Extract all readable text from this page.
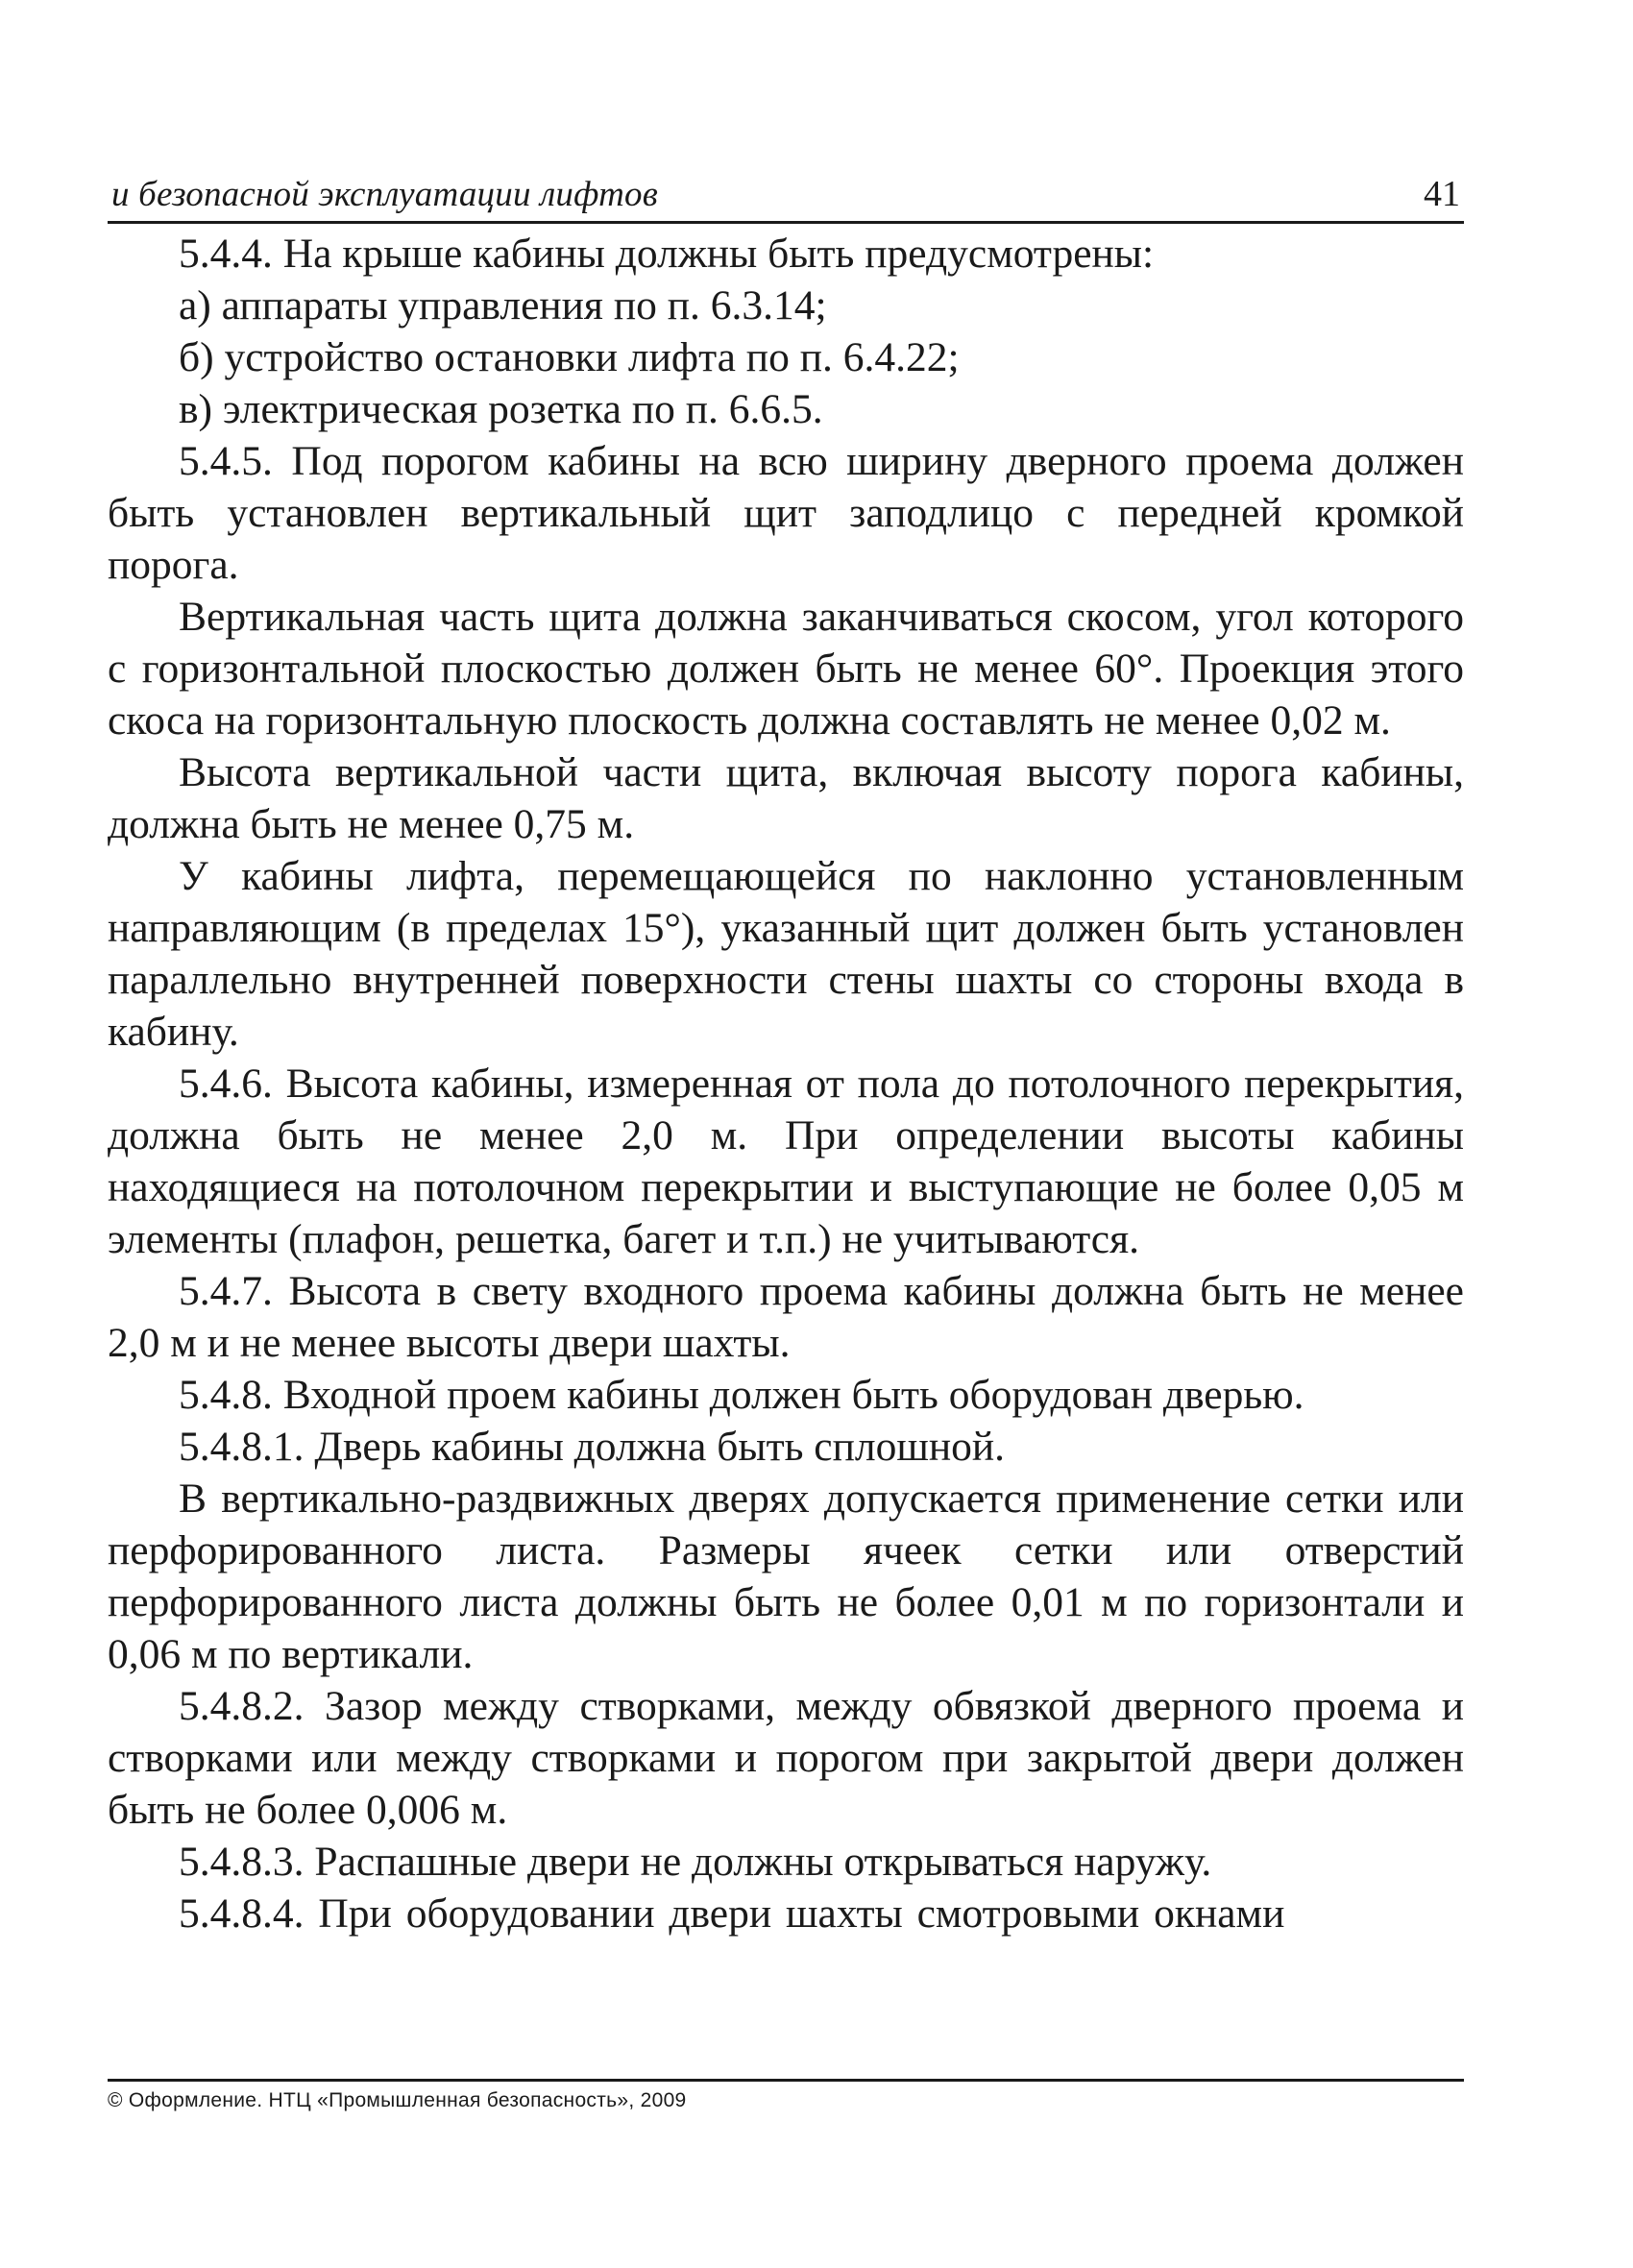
и безопасной эксплуатации лифтов	41

5.4.4. На крыше кабины должны быть предусмотрены:

а) аппараты управления по п. 6.3.14;

б) устройство остановки лифта по п. 6.4.22;

в) электрическая розетка по п. 6.6.5.

5.4.5. Под порогом кабины на всю ширину дверного проема должен быть установлен вертикальный щит заподлицо с передней кромкой порога.

Вертикальная часть щита должна заканчиваться скосом, угол которого с горизонтальной плоскостью должен быть не менее 60°. Проекция этого скоса на горизонтальную плоскость должна составлять не менее 0,02 м.

Высота вертикальной части щита, включая высоту порога кабины, должна быть не менее 0,75 м.

У кабины лифта, перемещающейся по наклонно установленным направляющим (в пределах 15°), указанный щит должен быть установлен параллельно внутренней поверхности стены шахты со стороны входа в кабину.

5.4.6. Высота кабины, измеренная от пола до потолочного перекрытия, должна быть не менее 2,0 м. При определении высоты кабины находящиеся на потолочном перекрытии и выступающие не более 0,05 м элементы (плафон, решетка, багет и т.п.) не учитываются.

5.4.7. Высота в свету входного проема кабины должна быть не менее 2,0 м и не менее высоты двери шахты.

5.4.8. Входной проем кабины должен быть оборудован дверью.

5.4.8.1. Дверь кабины должна быть сплошной.

В вертикально-раздвижных дверях допускается применение сетки или перфорированного листа. Размеры ячеек сетки или отверстий перфорированного листа должны быть не более 0,01 м по горизонтали и 0,06 м по вертикали.

5.4.8.2. Зазор между створками, между обвязкой дверного проема и створками или между створками и порогом при закрытой двери должен быть не более 0,006 м.

5.4.8.3. Распашные двери не должны открываться наружу.

5.4.8.4. При оборудовании двери шахты смотровыми окнами

© Оформление. НТЦ «Промышленная безопасность», 2009
